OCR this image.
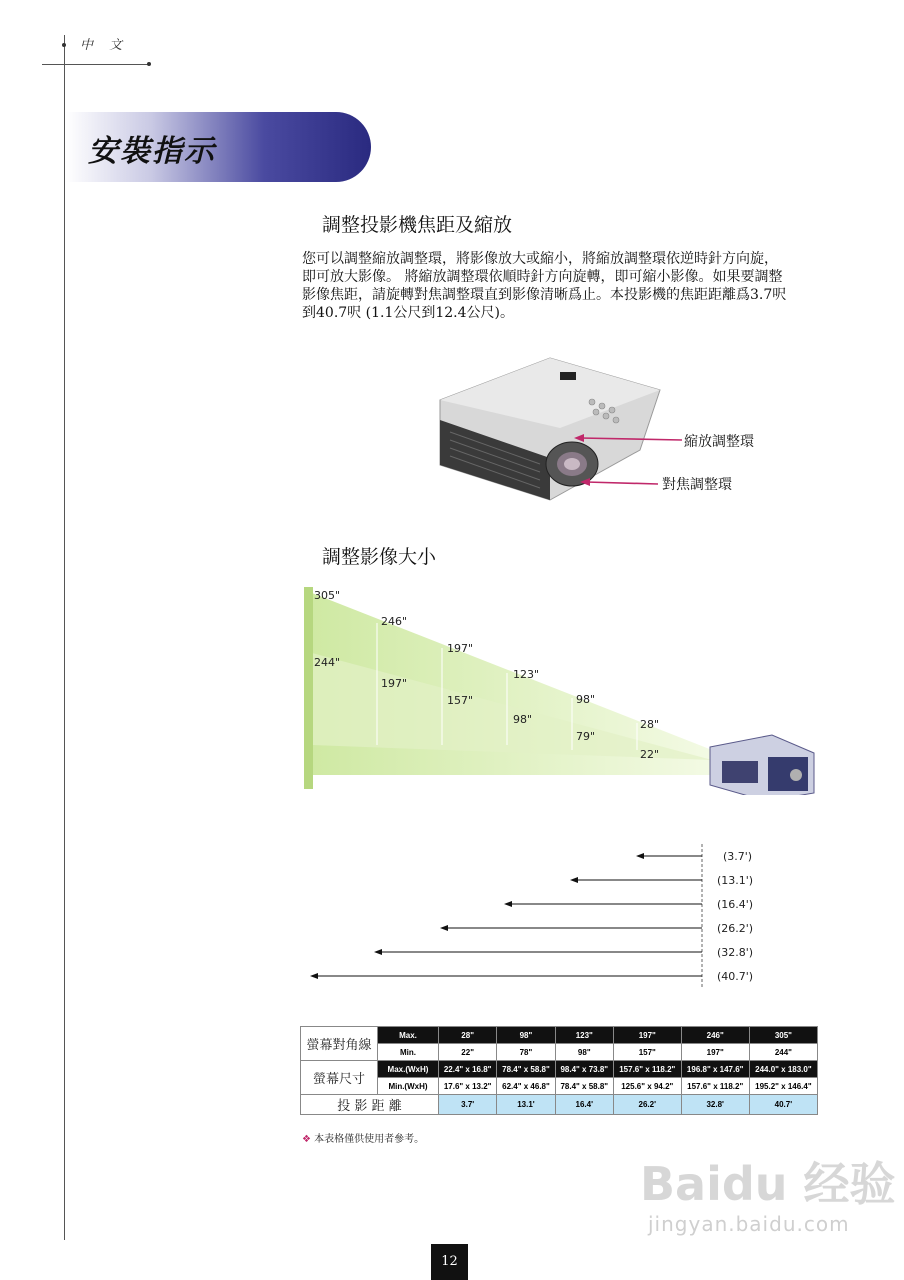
中 文
安裝指示
調整投影機焦距及縮放
您可以調整縮放調整環，將影像放大或縮小，將縮放調整環依逆時針方向旋，
即可放大影像。 將縮放調整環依順時針方向旋轉，即可縮小影像。如果要調整
影像焦距，請旋轉對焦調整環直到影像清晰爲止。本投影機的焦距距離爲3.7呎
到40.7呎 (1.1公尺到12.4公尺)。
縮放調整環
對焦調整環
調整影像大小
305"
246"
197"
123"
98"
28"
244"
197"
157"
98"
79"
22"
(3.7')
(13.1')
(16.4')
(26.2')
(32.8')
(40.7')
螢幕對角線	Max.	28"	98"	123"	197"	246"	305"
	Min.	22"	78"	98"	157"	197"	244"
螢幕尺寸	Max.(WxH)	22.4" x 16.8"	78.4" x 58.8"	98.4" x 73.8"	157.6" x 118.2"	196.8" x 147.6"	244.0" x 183.0"
	Min.(WxH)	17.6" x 13.2"	62.4" x 46.8"	78.4" x 58.8"	125.6" x 94.2"	157.6" x 118.2"	195.2" x 146.4"
投 影 距 離		3.7'	13.1'	16.4'	26.2'	32.8'	40.7'
❖ 本表格僅供使用者參考。
Baidu 经验
jingyan.baidu.com
12
